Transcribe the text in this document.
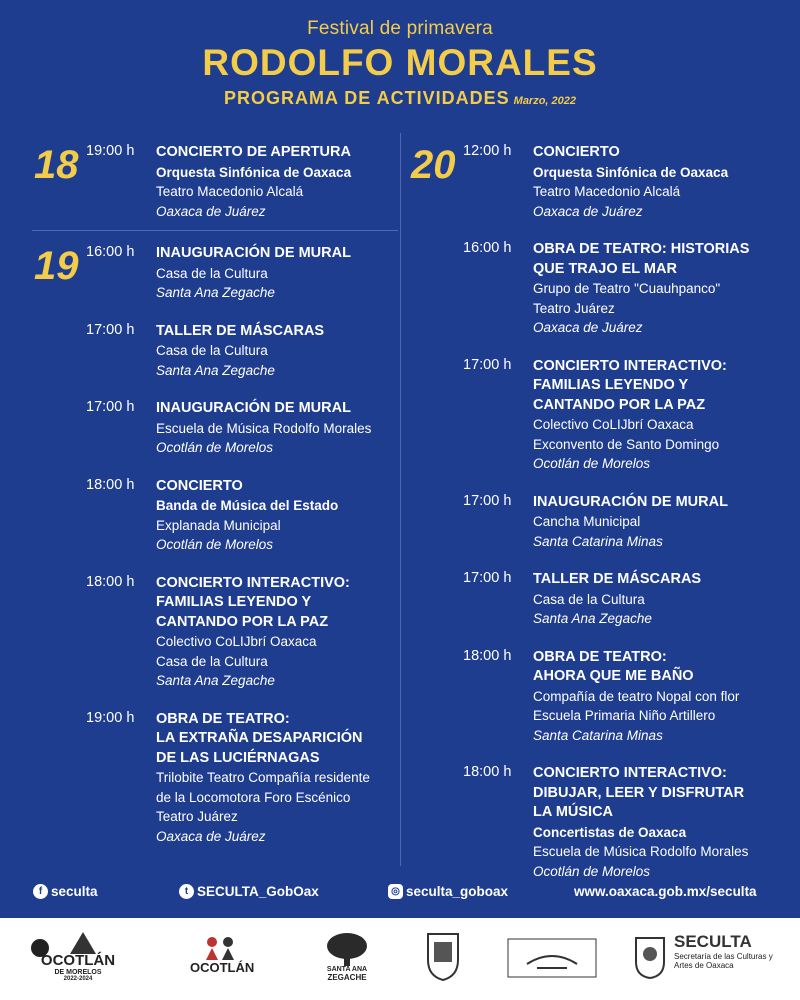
Festival de primavera
RODOLFO MORALES
PROGRAMA DE ACTIVIDADES Marzo, 2022
18 19:00 h	CONCIERTO DE APERTURA
Orquesta Sinfónica de Oaxaca
Teatro Macedonio Alcalá
Oaxaca de Juárez
19 16:00 h	INAUGURACIÓN DE MURAL
Casa de la Cultura
Santa Ana Zegache
17:00 h	TALLER DE MÁSCARAS
Casa de la Cultura
Santa Ana Zegache
17:00 h	INAUGURACIÓN DE MURAL
Escuela de Música Rodolfo Morales
Ocotlán de Morelos
18:00 h	CONCIERTO
Banda de Música del Estado
Explanada Municipal
Ocotlán de Morelos
18:00 h	CONCIERTO INTERACTIVO:
FAMILIAS LEYENDO Y
CANTANDO POR LA PAZ
Colectivo CoLIJbrí Oaxaca
Casa de la Cultura
Santa Ana Zegache
19:00 h	OBRA DE TEATRO:
LA EXTRAÑA DESAPARICIÓN
DE LAS LUCIÉRNAGAS
Trilobite Teatro Compañía residente
de la Locomotora Foro Escénico
Teatro Juárez
Oaxaca de Juárez
20 12:00 h	CONCIERTO
Orquesta Sinfónica de Oaxaca
Teatro Macedonio Alcalá
Oaxaca de Juárez
16:00 h	OBRA DE TEATRO: HISTORIAS
QUE TRAJO EL MAR
Grupo de Teatro "Cuauhpanco"
Teatro Juárez
Oaxaca de Juárez
17:00 h	CONCIERTO INTERACTIVO:
FAMILIAS LEYENDO Y
CANTANDO POR LA PAZ
Colectivo CoLIJbrí Oaxaca
Exconvento de Santo Domingo
Ocotlán de Morelos
17:00 h	INAUGURACIÓN DE MURAL
Cancha Municipal
Santa Catarina Minas
17:00 h	TALLER DE MÁSCARAS
Casa de la Cultura
Santa Ana Zegache
18:00 h	OBRA DE TEATRO:
AHORA QUE ME BAÑO
Compañía de teatro Nopal con flor
Escuela Primaria Niño Artillero
Santa Catarina Minas
18:00 h	CONCIERTO INTERACTIVO:
DIBUJAR, LEER Y DISFRUTAR
LA MÚSICA
Concertistas de Oaxaca
Escuela de Música Rodolfo Morales
Ocotlán de Morelos
f seculta	t SECULTA_GobOax	◎ seculta_goboax	www.oaxaca.gob.mx/seculta
OCOTLÁN
DE MORELOS
2022-2024
OCOTLÁN	SANTA ANA
ZEGACHE
SECULTA
Secretaría de las Culturas y
Artes de Oaxaca
